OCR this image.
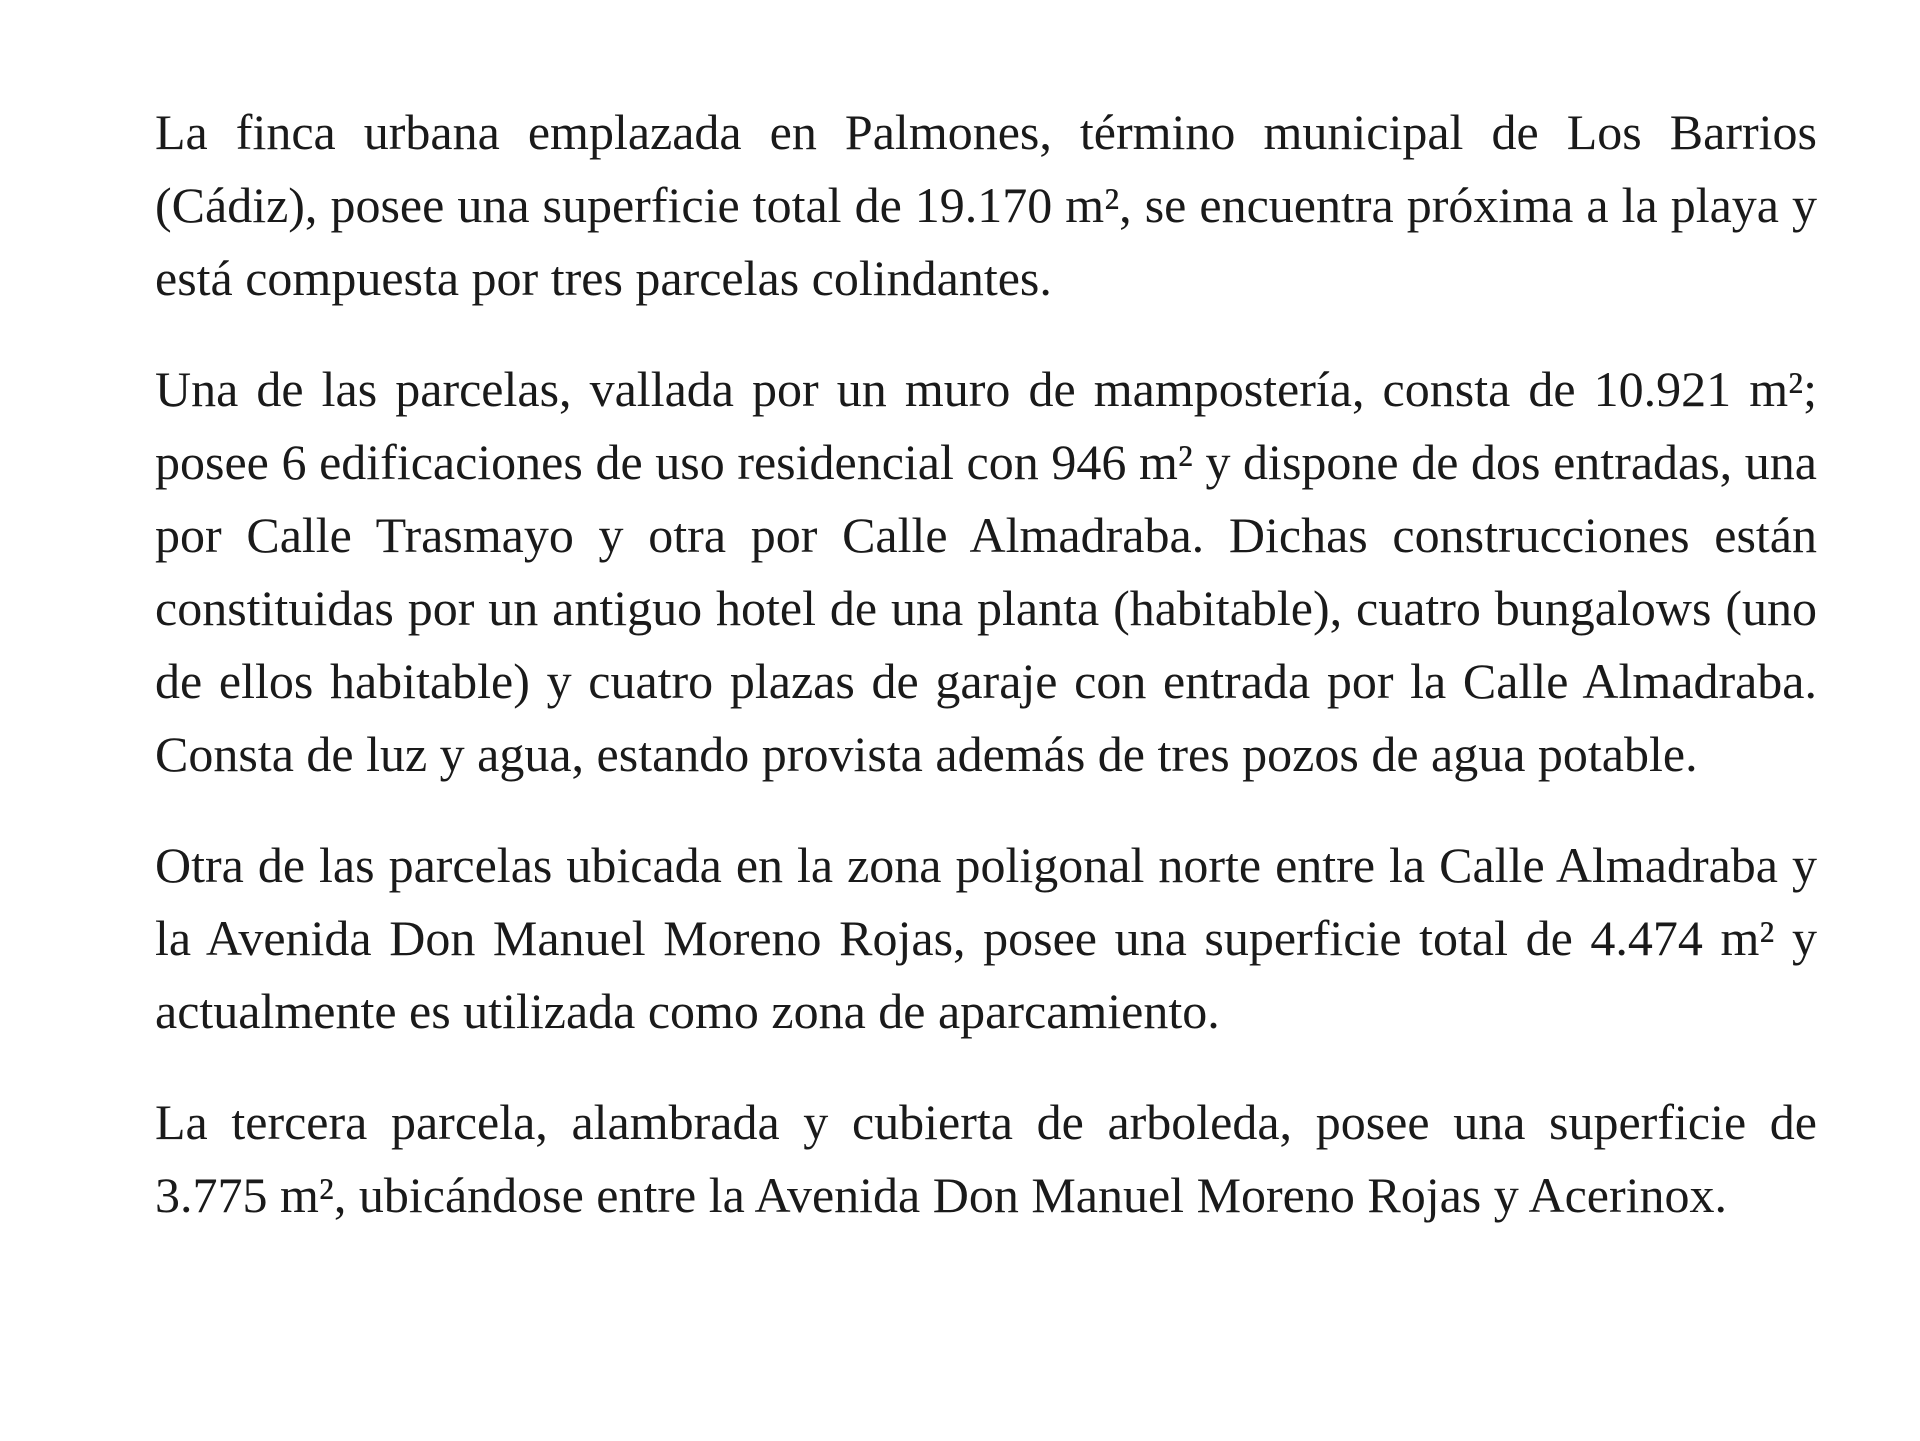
La finca urbana emplazada en Palmones, término municipal de Los Barrios (Cádiz), posee una superficie total de 19.170 m², se encuentra próxima a la playa y está compuesta por tres parcelas colindantes.

Una de las parcelas, vallada por un muro de mampostería, consta de 10.921 m²; posee 6 edificaciones de uso residencial con 946 m² y dispone de dos entradas, una por Calle Trasmayo y otra por Calle Almadraba. Dichas construcciones están constituidas por un antiguo hotel de una planta (habitable), cuatro bungalows (uno de ellos habitable) y cuatro plazas de garaje con entrada por la Calle Almadraba. Consta de luz y agua, estando provista además de tres pozos de agua potable.

Otra de las parcelas ubicada en la zona poligonal norte entre la Calle Almadraba y la Avenida Don Manuel Moreno Rojas, posee una superficie total de 4.474 m² y actualmente es utilizada como zona de aparcamiento.

La tercera parcela, alambrada y cubierta de arboleda, posee una superficie de 3.775 m², ubicándose entre la Avenida Don Manuel Moreno Rojas y Acerinox.
